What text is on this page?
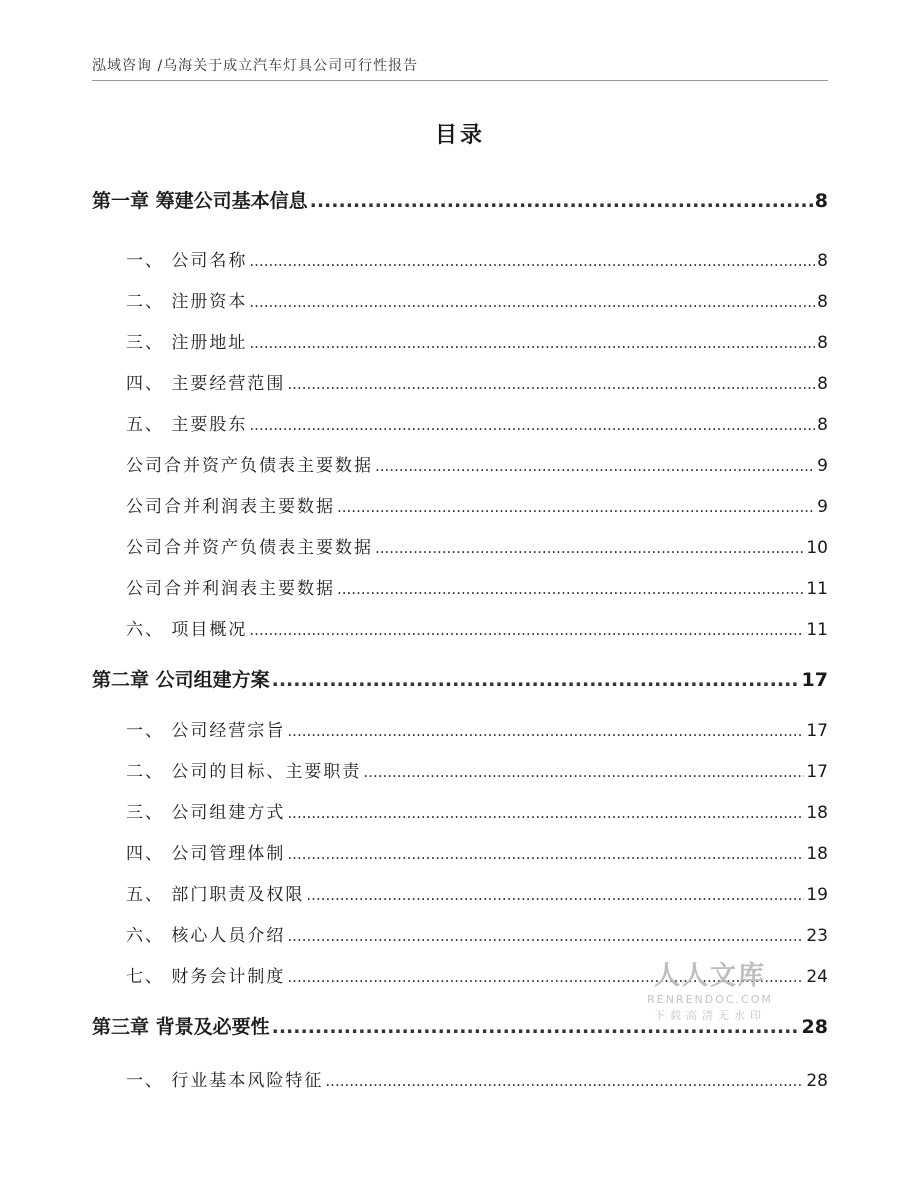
泓域咨询 /乌海关于成立汽车灯具公司可行性报告
目录
第一章 筹建公司基本信息 .....	8
一、 公司名称 .....	8
二、 注册资本 .....	8
三、 注册地址 .....	8
四、 主要经营范围 .....	8
五、 主要股东 .....	8
公司合并资产负债表主要数据 .....	9
公司合并利润表主要数据 .....	9
公司合并资产负债表主要数据 .....	10
公司合并利润表主要数据 .....	11
六、 项目概况 .....	11
第二章 公司组建方案 .....	17
一、 公司经营宗旨 .....	17
二、 公司的目标、主要职责 .....	17
三、 公司组建方式 .....	18
四、 公司管理体制 .....	18
五、 部门职责及权限 .....	19
六、 核心人员介绍 .....	23
七、 财务会计制度 .....	24
第三章 背景及必要性 .....	28
一、 行业基本风险特征 .....	28
人人文库
RENRENDOC.COM
下载高清无水印
